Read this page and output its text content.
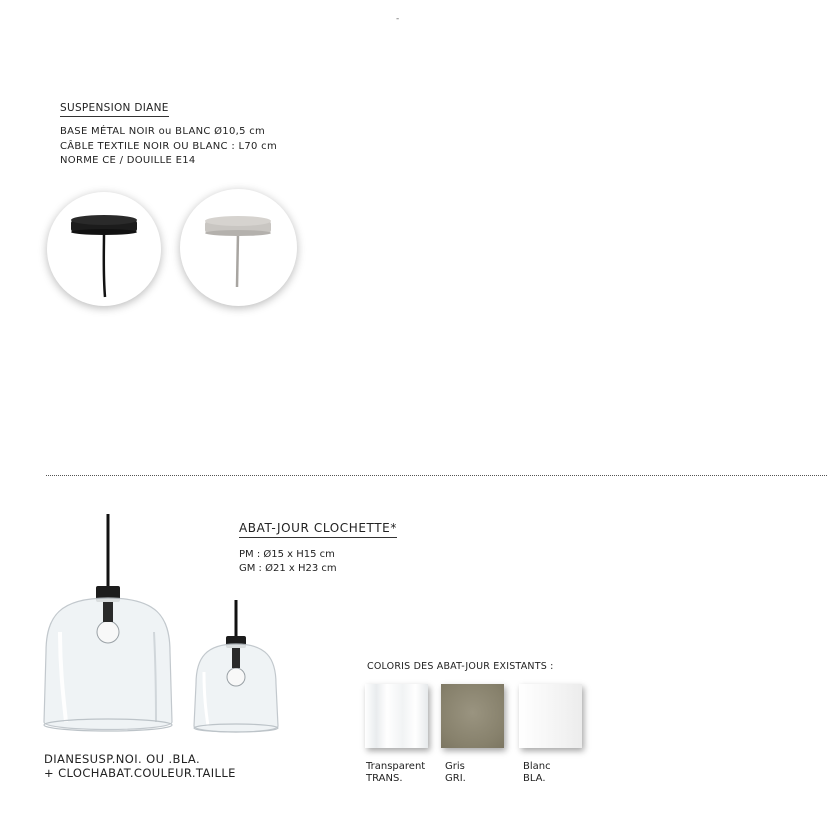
-
SUSPENSION DIANE
BASE MÉTAL NOIR ou BLANC Ø10,5 cm
CÂBLE TEXTILE NOIR OU BLANC : L70 cm
NORME CE / DOUILLE E14
ABAT-JOUR CLOCHETTE*
PM : Ø15 x H15 cm
GM : Ø21 x H23 cm
DIANESUSP.NOI. OU .BLA.
+ CLOCHABAT.COULEUR.TAILLE
COLORIS DES ABAT-JOUR EXISTANTS :
Transparent
TRANS.
Gris
GRI.
Blanc
BLA.
